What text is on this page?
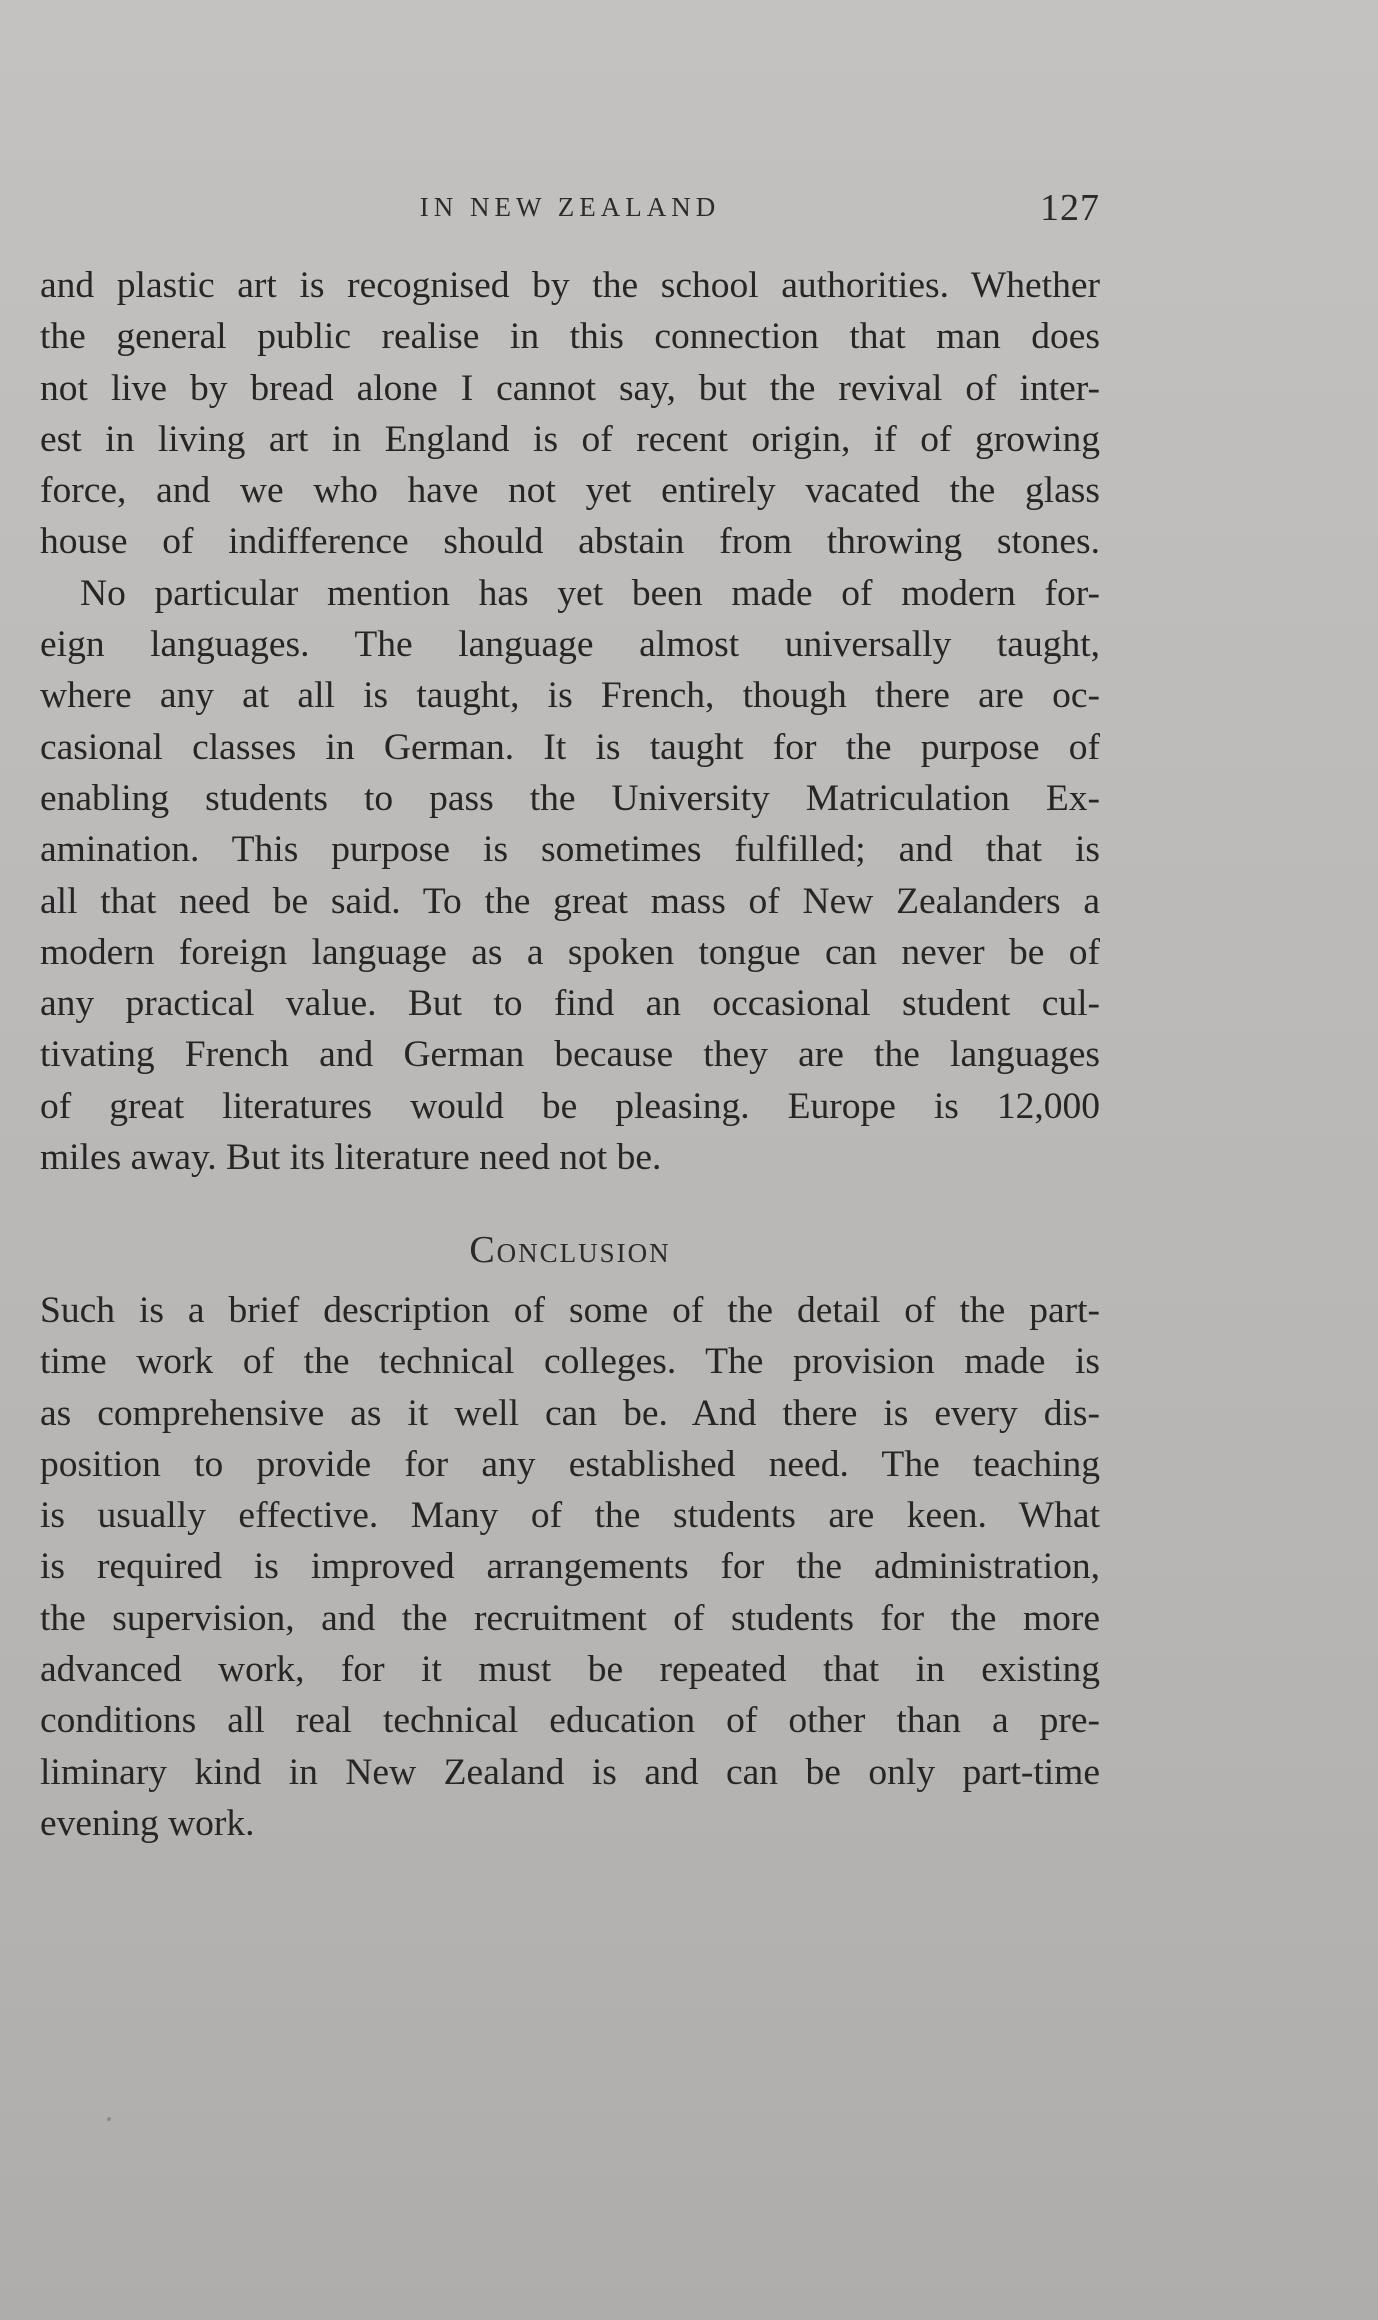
IN NEW ZEALAND	127
and plastic art is recognised by the school authorities. Whether
the general public realise in this connection that man does
not live by bread alone I cannot say, but the revival of inter-
est in living art in England is of recent origin, if of growing
force, and we who have not yet entirely vacated the glass
house of indifference should abstain from throwing stones.
No particular mention has yet been made of modern for-
eign languages. The language almost universally taught,
where any at all is taught, is French, though there are oc-
casional classes in German. It is taught for the purpose of
enabling students to pass the University Matriculation Ex-
amination. This purpose is sometimes fulfilled; and that is
all that need be said. To the great mass of New Zealanders a
modern foreign language as a spoken tongue can never be of
any practical value. But to find an occasional student cul-
tivating French and German because they are the languages
of great literatures would be pleasing. Europe is 12,000
miles away. But its literature need not be.
Conclusion
Such is a brief description of some of the detail of the part-
time work of the technical colleges. The provision made is
as comprehensive as it well can be. And there is every dis-
position to provide for any established need. The teaching
is usually effective. Many of the students are keen. What
is required is improved arrangements for the administration,
the supervision, and the recruitment of students for the more
advanced work, for it must be repeated that in existing
conditions all real technical education of other than a pre-
liminary kind in New Zealand is and can be only part-time
evening work.
